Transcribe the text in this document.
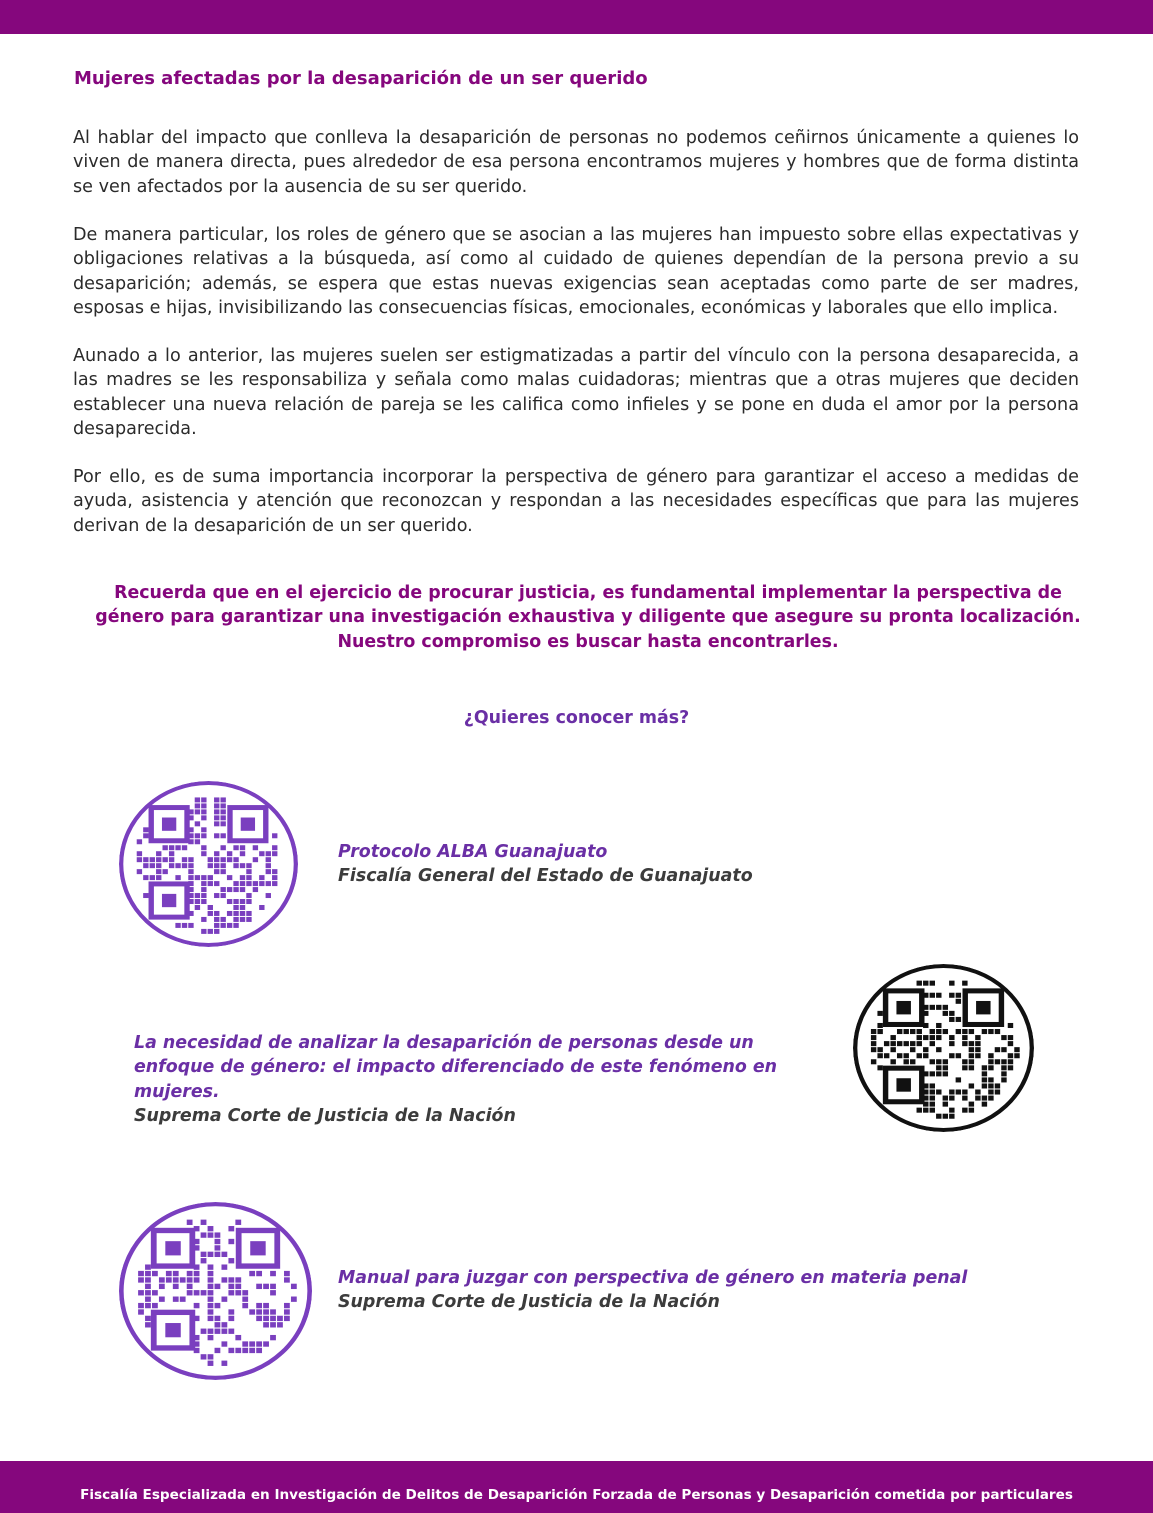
Mujeres afectadas por la desaparición de un ser querido

Al hablar del impacto que conlleva la desaparición de personas no podemos ceñirnos únicamente a quienes lo viven de manera directa, pues alrededor de esa persona encontramos mujeres y hombres que de forma distinta se ven afectados por la ausencia de su ser querido.

De manera particular, los roles de género que se asocian a las mujeres han impuesto sobre ellas expectativas y obligaciones relativas a la búsqueda, así como al cuidado de quienes dependían de la persona previo a su desaparición; además, se espera que estas nuevas exigencias sean aceptadas como parte de ser madres, esposas e hijas, invisibilizando las consecuencias físicas, emocionales, económicas y laborales que ello implica.

Aunado a lo anterior, las mujeres suelen ser estigmatizadas a partir del vínculo con la persona desaparecida, a las madres se les responsabiliza y señala como malas cuidadoras; mientras que a otras mujeres que deciden establecer una nueva relación de pareja se les califica como infieles y se pone en duda el amor por la persona desaparecida.

Por ello, es de suma importancia incorporar la perspectiva de género para garantizar el acceso a medidas de ayuda, asistencia y atención que reconozcan y respondan a las necesidades específicas que para las mujeres derivan de la desaparición de un ser querido.

Recuerda que en el ejercicio de procurar justicia, es fundamental implementar la perspectiva de género para garantizar una investigación exhaustiva y diligente que asegure su pronta localización. Nuestro compromiso es buscar hasta encontrarles.
¿Quieres conocer más?
Protocolo ALBA Guanajuato
Fiscalía General del Estado de Guanajuato
La necesidad de analizar la desaparición de personas desde un enfoque de género: el impacto diferenciado de este fenómeno en mujeres.
Suprema Corte de Justicia de la Nación
Manual para juzgar con perspectiva de género en materia penal
Suprema Corte de Justicia de la Nación
Fiscalía Especializada en Investigación de Delitos de Desaparición Forzada de Personas y Desaparición cometida por particulares
